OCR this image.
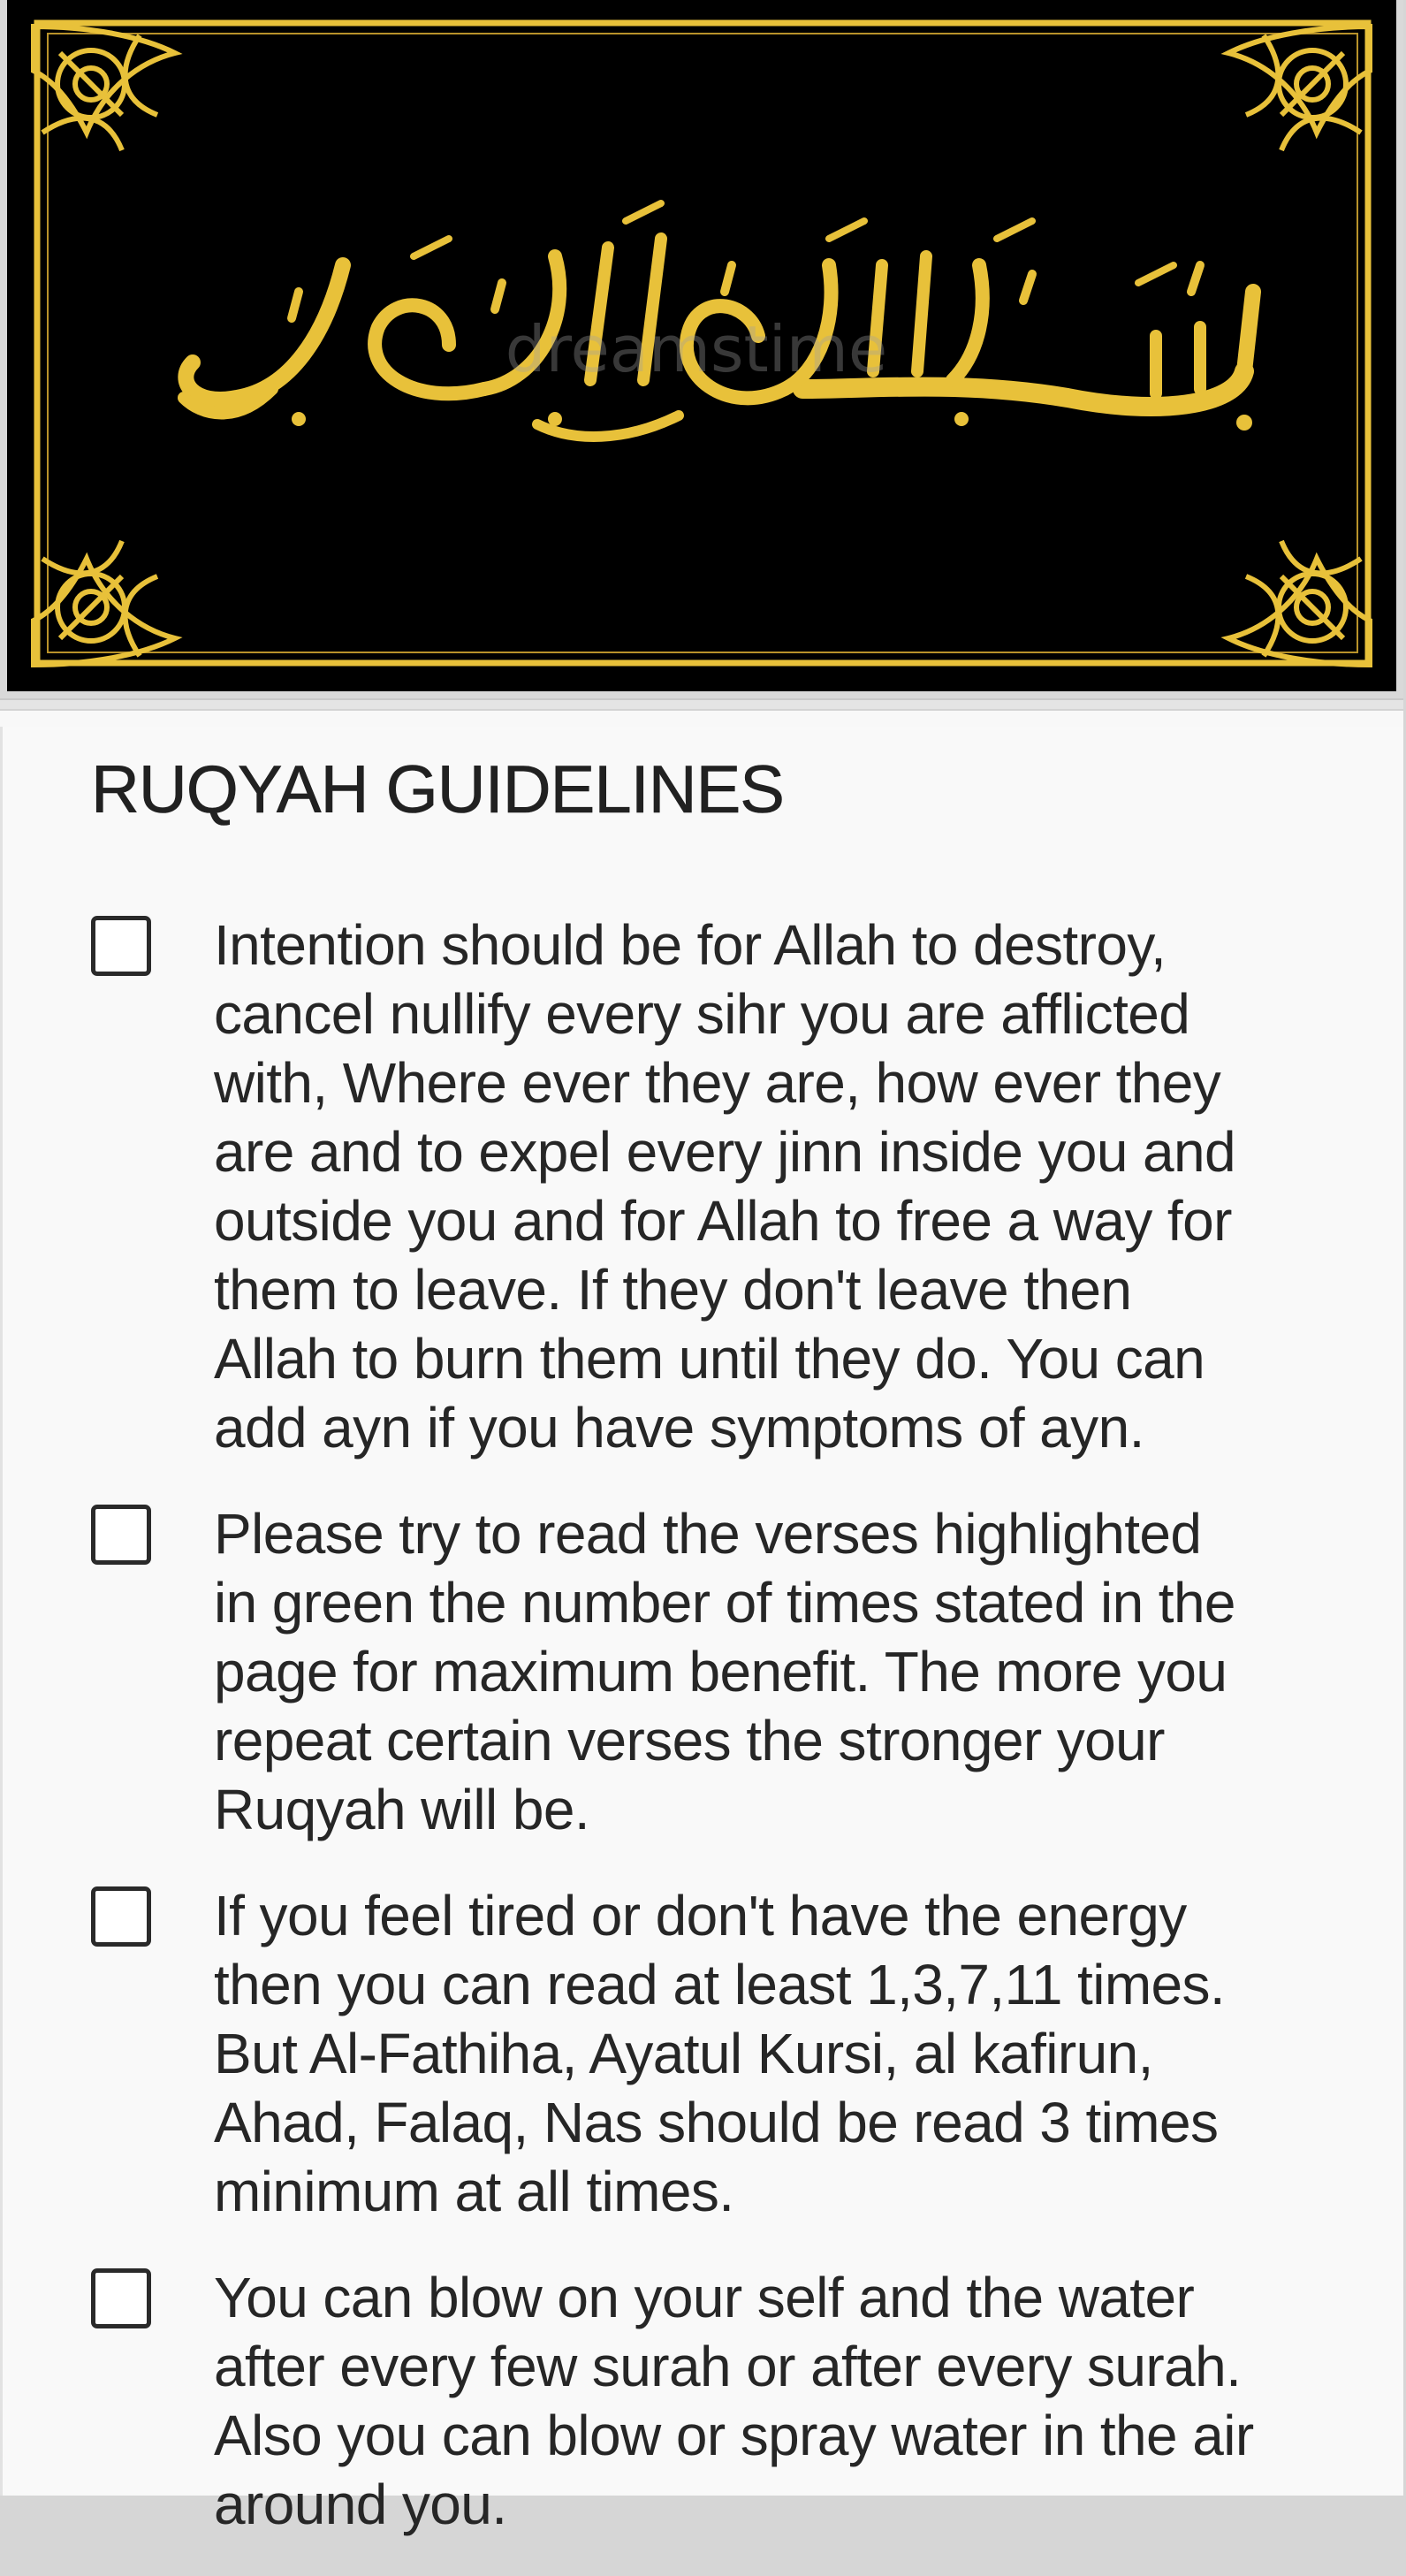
dreamstime
RUQYAH GUIDELINES
Intention should be for Allah to destroy,
cancel nullify every sihr you are afflicted
with, Where ever they are, how ever they
are and to expel every jinn inside you and
outside you and for Allah to free a way for
them to leave. If they don't leave then
Allah to burn them until they do. You can
add ayn if you have symptoms of ayn.
Please try to read the verses highlighted
in green the number of times stated in the
page for maximum benefit. The more you
repeat certain verses the stronger your
Ruqyah will be.
If you feel tired or don't have the energy
then you can read at least 1,3,7,11 times.
But Al-Fathiha, Ayatul Kursi, al kafirun,
Ahad, Falaq, Nas should be read 3 times
minimum at all times.
You can blow on your self and the water
after every few surah or after every surah.
Also you can blow or spray water in the air
around you.
